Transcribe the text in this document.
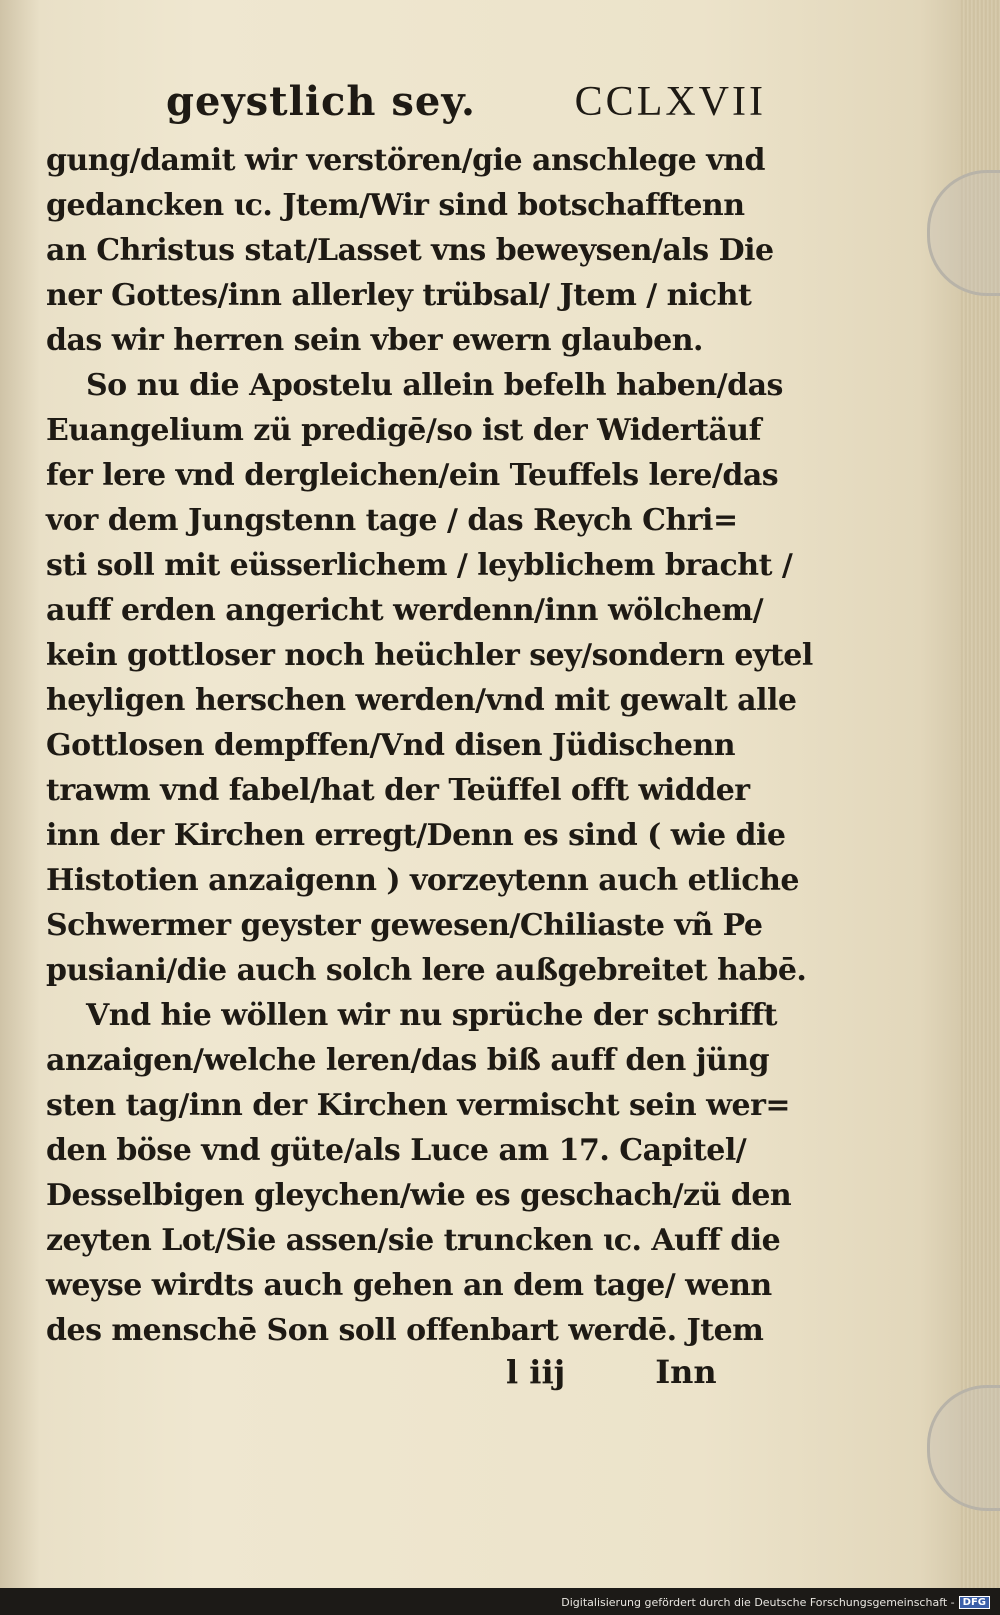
geystlich sey. CCLXVII
gung/damit wir verstören/gie anschlege vnd
gedancken ɩc. Jtem/Wir sind botschafftenn
an Christus stat/Lasset vns beweysen/als Die
ner Gottes/inn allerley trübsal/ Jtem / nicht
das wir herren sein vber ewern glauben.
So nu die Apostelu allein befelh haben/das
Euangelium zü predigē/so ist der Widertäuf
fer lere vnd dergleichen/ein Teuffels lere/das
vor dem Jungstenn tage / das Reych Chri=
sti soll mit eüsserlichem / leyblichem bracht /
auff erden angericht werdenn/inn wölchem/
kein gottloser noch heüchler sey/sondern eytel
heyligen herschen werden/vnd mit gewalt alle
Gottlosen dempffen/Vnd disen Jüdischenn
trawm vnd fabel/hat der Teüffel offt widder
inn der Kirchen erregt/Denn es sind ( wie die
Histotien anzaigenn ) vorzeytenn auch etliche
Schwermer geyster gewesen/Chiliaste vñ Pe
pusiani/die auch solch lere außgebreitet habē.
Vnd hie wöllen wir nu sprüche der schrifft
anzaigen/welche leren/das biß auff den jüng
sten tag/inn der Kirchen vermischt sein wer=
den böse vnd güte/als Luce am 17. Capitel/
Desselbigen gleychen/wie es geschach/zü den
zeyten Lot/Sie assen/sie truncken ɩc. Auff die
weyse wirdts auch gehen an dem tage/ wenn
des menschē Son soll offenbart werdē. Jtem
l iij	Inn
Digitalisierung gefördert durch die Deutsche Forschungsgemeinschaft - DFG
